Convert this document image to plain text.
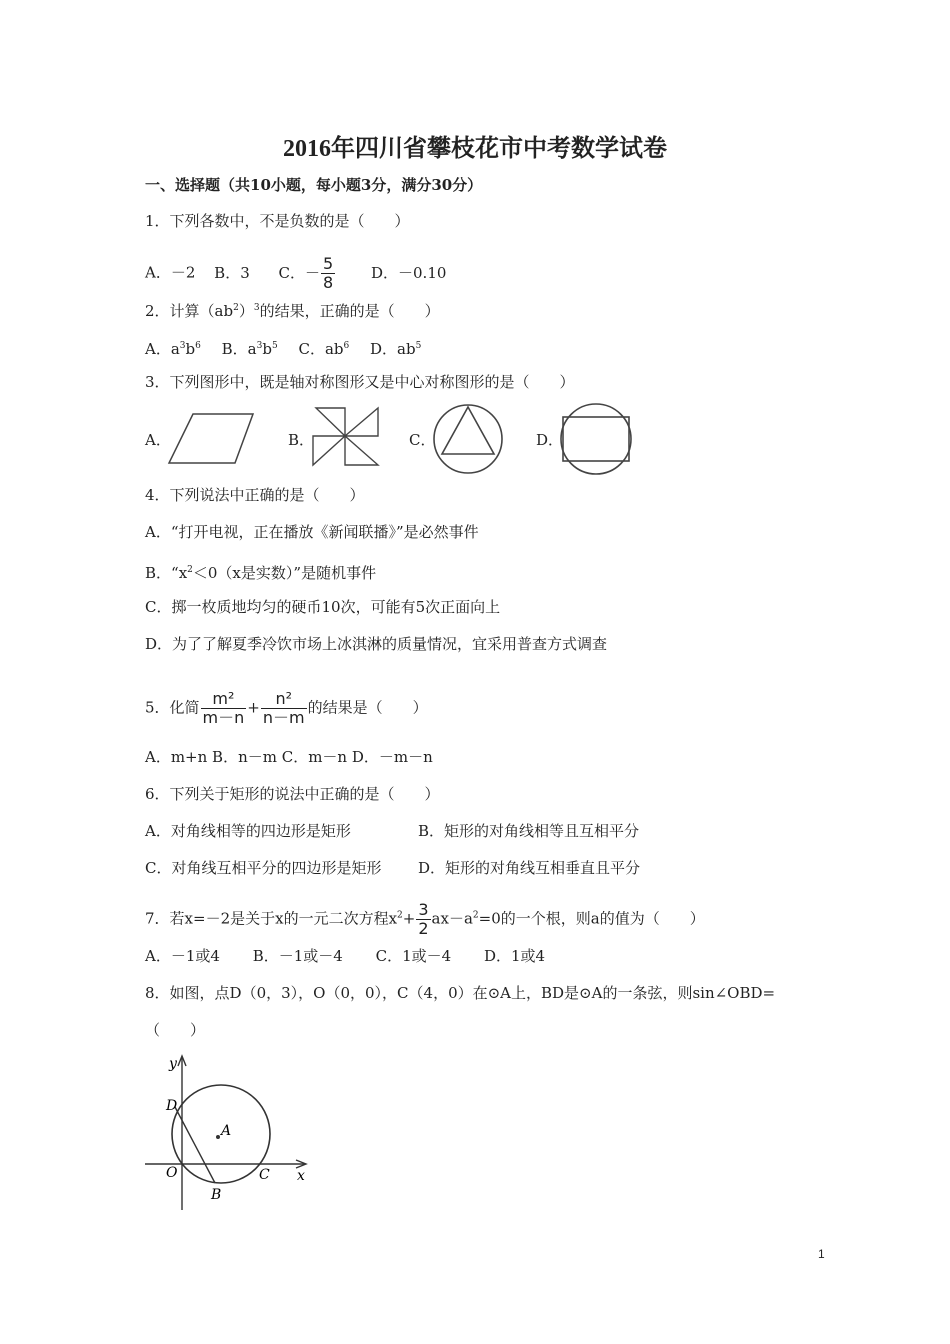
2016年四川省攀枝花市中考数学试卷
一、选择题（共10小题，每小题3分，满分30分）
1．下列各数中，不是负数的是（　　）
A．－2 B．3 C．－ $\frac{5}{8}$ D．－0.10
2．计算$(ab^2)^3$的结果，正确的是（　　）
A．$a^3b^6$ B．$a^3b^5$ C．$ab^6$ D．$ab^5$
3．下列图形中，既是轴对称图形又是中心对称图形的是（　　）
A．	B．	C．	D．
4．下列说法中正确的是（　　）
A．“打开电视，正在播放《新闻联播》”是必然事件
B．“$x^2<0(x$是实数）”是随机事件
C．掷一枚质地均匀的硬币10次，可能有5次正面向上
D．为了了解夏季冷饮市场上冰淇淋的质量情况，宜采用普查方式调查
5．化简 $\frac{\text{m²}}{m-n} + \frac{\text{n²}}{n-m}$ 的结果是（　　）
A．m+n B．n－m C．m－n D．－m－n
6．下列关于矩形的说法中正确的是（　　）
A．对角线相等的四边形是矩形	B．矩形的对角线相等且互相平分
C．对角线互相平分的四边形是矩形 D．矩形的对角线互相垂直且平分
7．若x=－2是关于x的一元二次方程$x^2+ \frac{3}{2} ax-a^2=0$的一个根，则a的值为（　　）
A．－1或4 B．－1或－4 C．1或－4 D．1或4
8．如图，点D（0，3），O（0，0），C（4，0）在⊙A上，BD是⊙A的一条弦，则sin∠OBD=
（　　）
y
x
D
A
O	C
B
1
